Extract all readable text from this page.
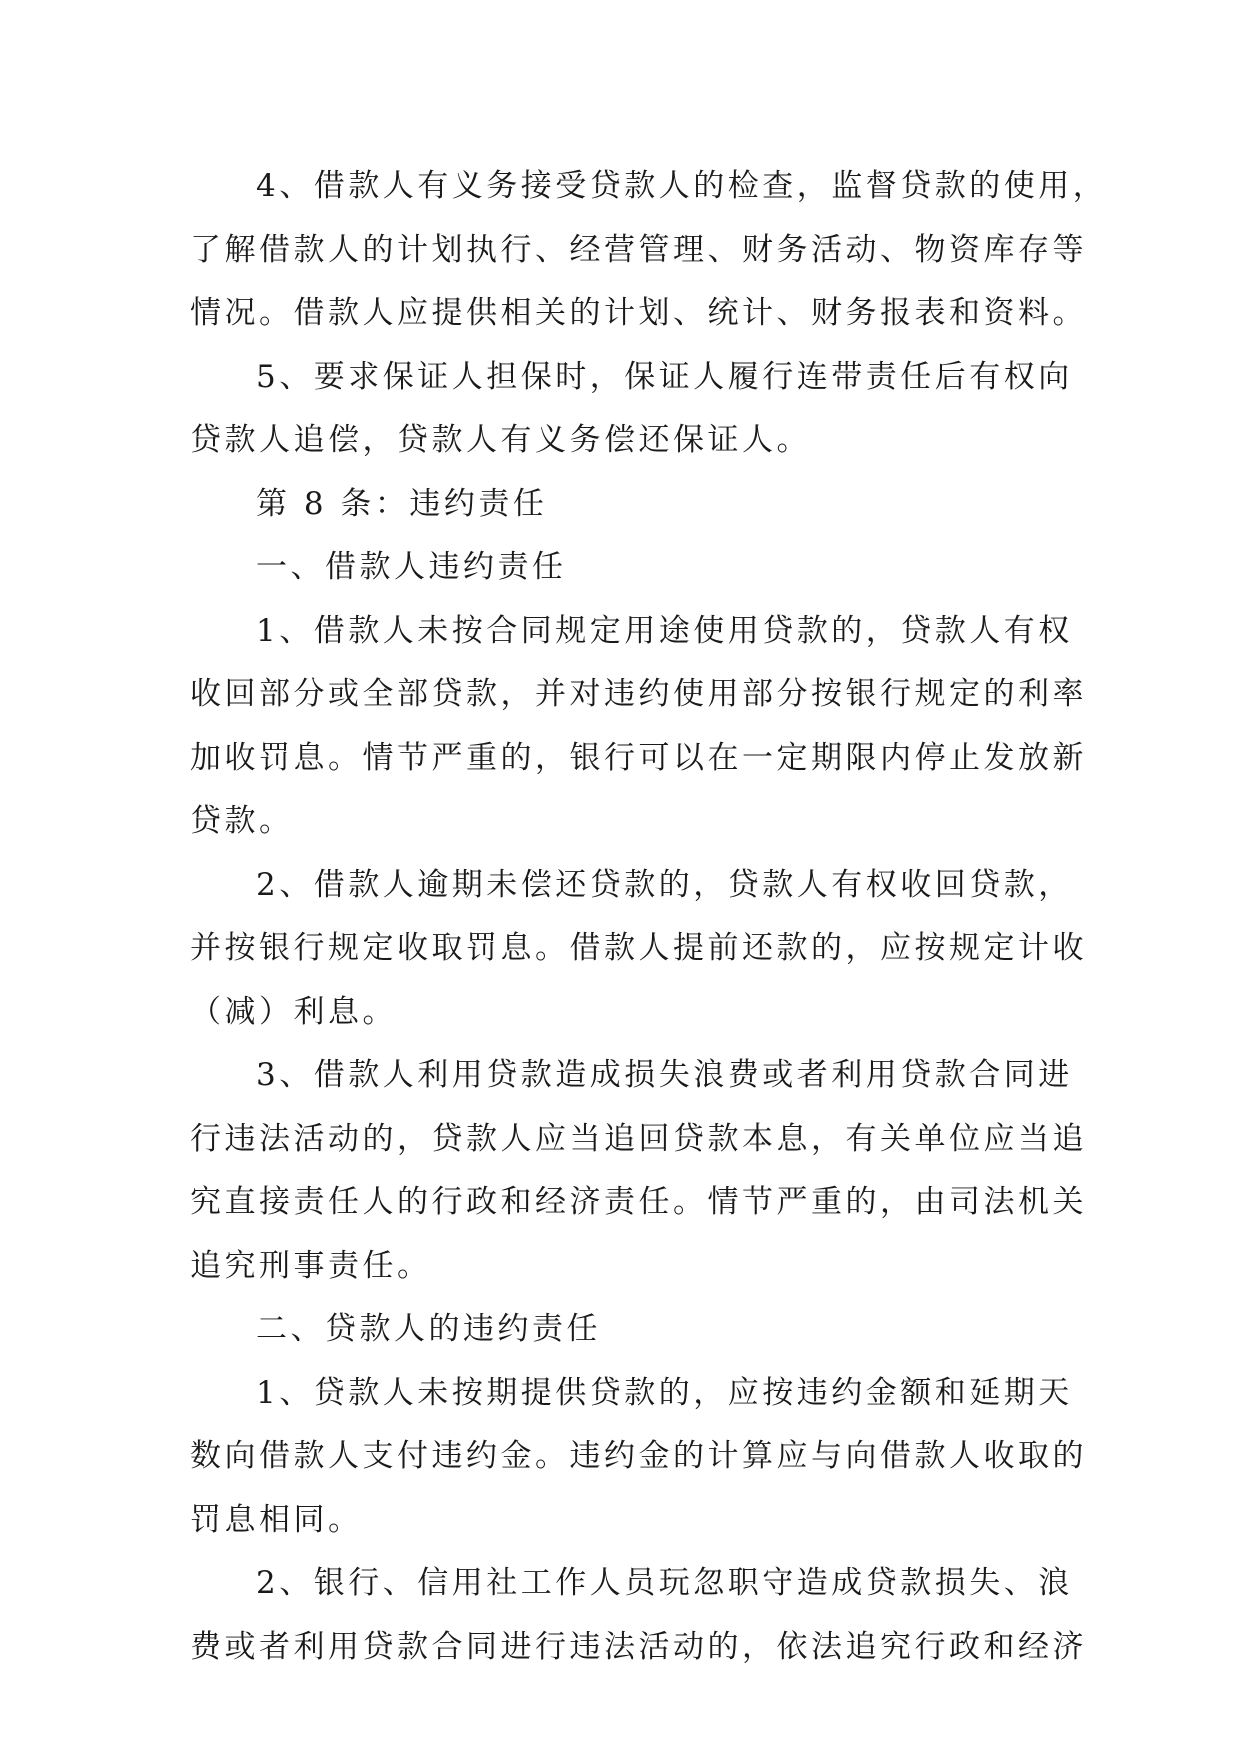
4、借款人有义务接受贷款人的检查，监督贷款的使用，
了解借款人的计划执行、经营管理、财务活动、物资库存等
情况。借款人应提供相关的计划、统计、财务报表和资料。
5、要求保证人担保时，保证人履行连带责任后有权向
贷款人追偿，贷款人有义务偿还保证人。
第 8 条：违约责任
一、借款人违约责任
1、借款人未按合同规定用途使用贷款的，贷款人有权
收回部分或全部贷款，并对违约使用部分按银行规定的利率
加收罚息。情节严重的，银行可以在一定期限内停止发放新
贷款。
2、借款人逾期未偿还贷款的，贷款人有权收回贷款，
并按银行规定收取罚息。借款人提前还款的，应按规定计收
（减）利息。
3、借款人利用贷款造成损失浪费或者利用贷款合同进
行违法活动的，贷款人应当追回贷款本息，有关单位应当追
究直接责任人的行政和经济责任。情节严重的，由司法机关
追究刑事责任。
二、贷款人的违约责任
1、贷款人未按期提供贷款的，应按违约金额和延期天
数向借款人支付违约金。违约金的计算应与向借款人收取的
罚息相同。
2、银行、信用社工作人员玩忽职守造成贷款损失、浪
费或者利用贷款合同进行违法活动的，依法追究行政和经济
